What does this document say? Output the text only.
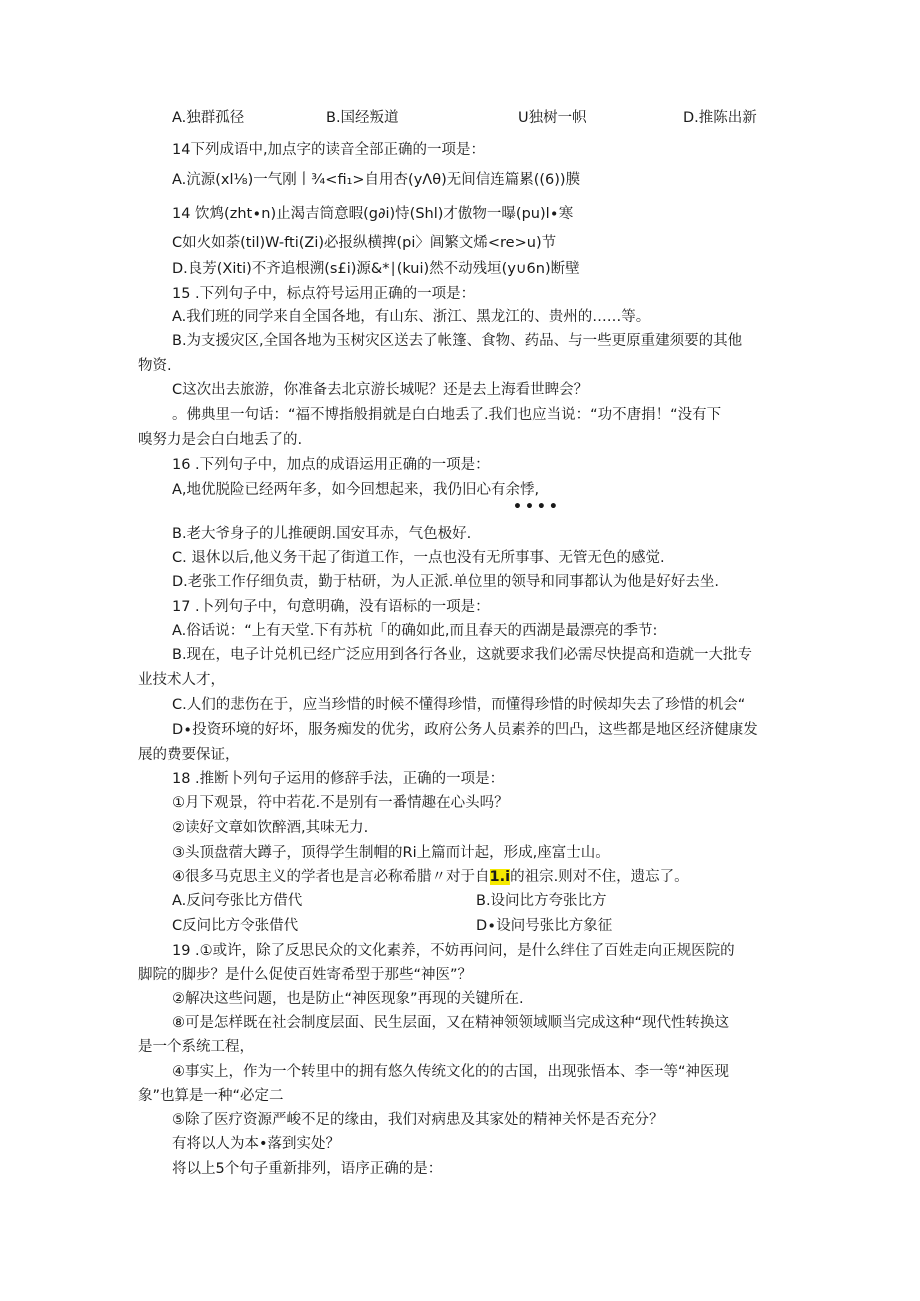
A.独群孤径	B.国经叛道	U独树一帜	D.推陈出新
14下列成语中,加点字的读音全部正确的一项是：
A.沆源(xl⅛)一气刚丨¾<fi₁>自用杏(yΛθ)无间信连篇累((6))膜
14 饮鸩(zht∙n)止渴吉筒意暇(g∂i)恃(Shl)才傲物一曝(pu)l∙寒
C如火如荼(til)W-fti(Zi)必报纵横捭(pi〉阊繁文烯<re>u)节
D.良芳(Xiti)不齐追根溯(s£i)源&*∣(kui)然不动残垣(y∪6n)断壁
15 .下列句子中，标点符号运用正确的一项是：
A.我们班的同学来自全国各地，有山东、浙江、黑龙江的、贵州的……等。
B.为支援灾区,全国各地为玉树灾区送去了帐篷、食物、药品、与一些更原重建须要的其他
物资.
C这次出去旅游，你准备去北京游长城呢？还是去上海看世睥会？
。佛典里一句话：“福不博指般捐就是白白地丢了.我们也应当说：“功不唐捐！“没有下
嗅努力是会白白地丢了的.
16 .下列句子中，加点的成语运用正确的一项是：
A,地优脱险已经两年多，如今回想起来，我仍旧心有余悸,
••••
B.老大爷身子的儿推硬朗.国安耳赤，气色极好.
C. 退休以后,他义务干起了街道工作，一点也没有无所事事、无管无色的感觉.
D.老张工作仔细负责，勤于枯研，为人正派.单位里的领导和同事都认为他是好好去坐.
17 .卜列句子中，句意明确，没有语标的一项是：
A.俗话说：“上有天堂.下有苏杭「的确如此,而且春天的西湖是最漂亮的季节:
B.现在，电子计兑机已经广泛应用到各行各业，这就要求我们必需尽快提高和造就一大批专
业技术人才，
C.人们的悲伤在于，应当珍惜的时候不懂得珍惜，而懂得珍惜的时候却失去了珍惜的机会“
D∙投资环境的好坏，服务痴发的优劣，政府公务人员素养的凹凸，这些都是地区经济健康发
展的费要保证，
18 .推断卜列句子运用的修辞手法，正确的一项是：
①月下观景，符中若花.不是别有一番情趣在心头吗？
②读好文章如饮醉酒,其味无力.
③头顶盘蓿大蹲子，顶得学生制帽的Ri上篇而计起，形成,座富士山。
④很多马克思主义的学者也是言必称希腊〃对于自1.i的祖宗.则对不住，遗忘了。
A.反问夸张比方借代	B.设问比方夸张比方
C反问比方令张借代	D∙设问号张比方象征
19 .①或许，除了反思民众的文化素养，不妨再问问，是什么绊住了百姓走向正规医院的
脚院的脚步？是什么促使百姓寄希型于那些“神医”？
②解决这些问题，也是防止“神医现象”再现的关键所在.
⑧可是怎样既在社会制度层面、民生层面，又在精神领领域顺当完成这种“现代性转换这
是一个系统工程，
④事实上，作为一个转里中的拥有悠久传统文化的的古国，出现张悟本、李一等“神医现
象”也算是一种“必定二
⑤除了医疗资源严峻不足的缘由，我们对病患及其家处的精神关怀是否充分？
有将以人为本•落到实处？
将以上5个句子重新排列，语序正确的是：
